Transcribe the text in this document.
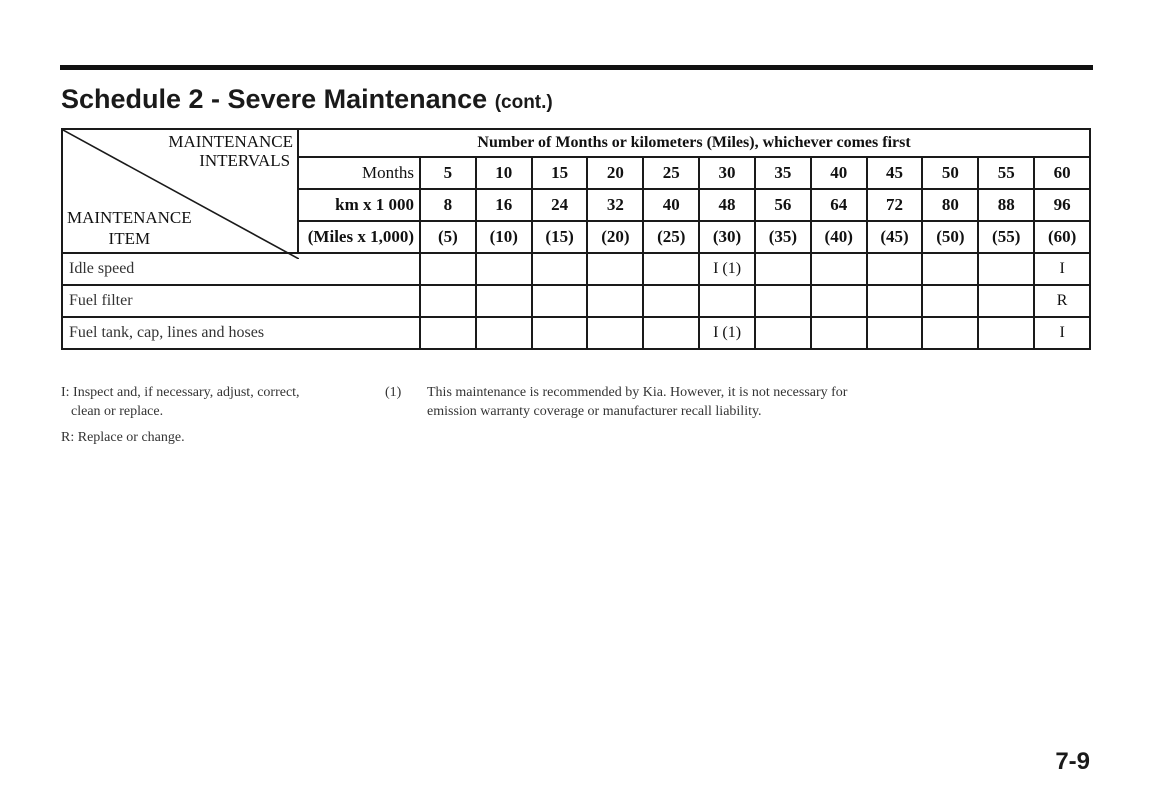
Schedule 2 - Severe Maintenance (cont.)
MAINTENANCE
INTERVALS
MAINTENANCE
ITEM	Number of Months or kilometers (Miles), whichever comes first												
	Months	5	10	15	20	25	30	35	40	45	50	55	60
	km x 1 000	8	16	24	32	40	48	56	64	72	80	88	96
	(Miles x 1,000)	(5)	(10)	(15)	(20)	(25)	(30)	(35)	(40)	(45)	(50)	(55)	(60)
Idle speed							I (1)						I
Fuel filter													R
Fuel tank, cap, lines and hoses							I (1)						I
I: Inspect and, if necessary, adjust, correct,
clean or replace.
R: Replace or change.
(1) This maintenance is recommended by Kia. However, it is not necessary for
emission warranty coverage or manufacturer recall liability.
7-9
